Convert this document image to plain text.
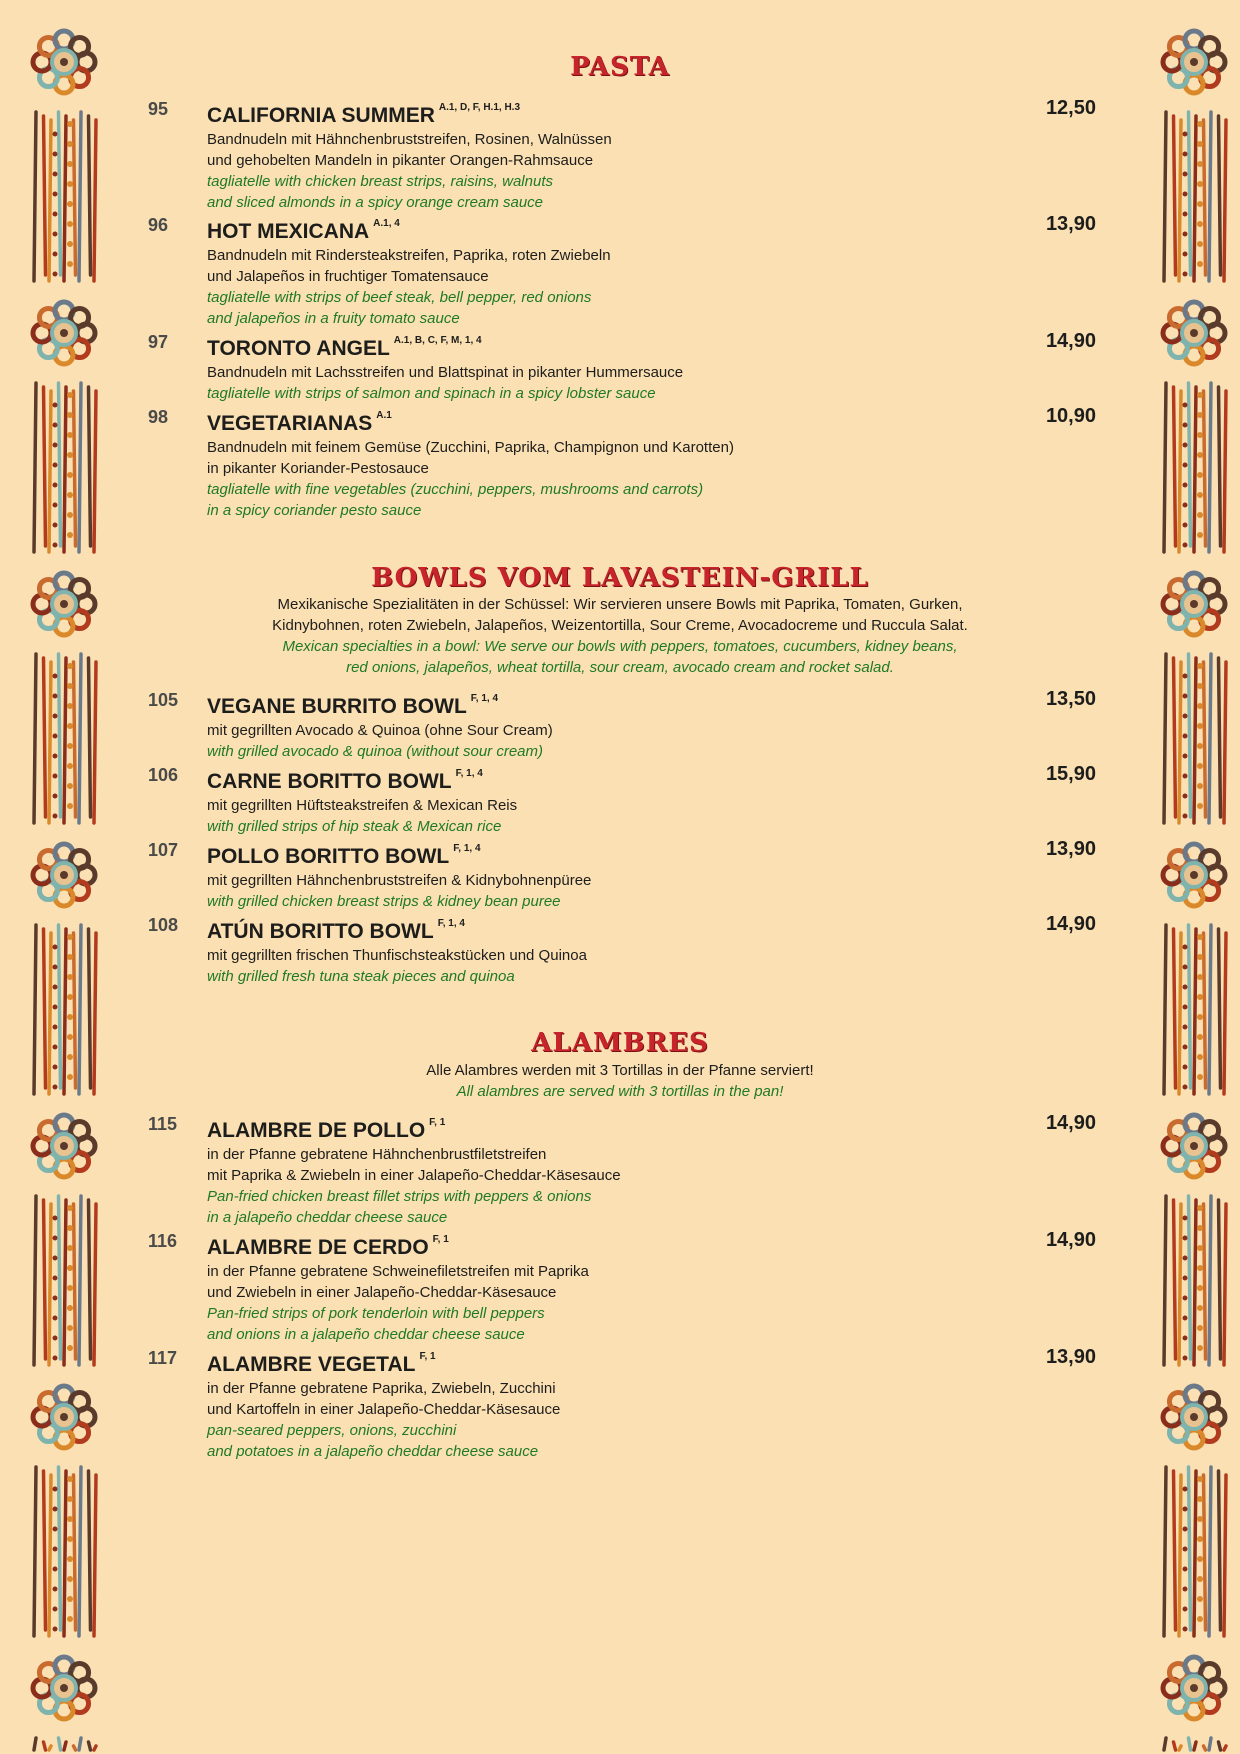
PASTA
95 CALIFORNIA SUMMER $^{A.1, D, F, H.1, H.3}$
Bandnudeln mit Hähnchenbruststreifen, Rosinen, Walnüssen
und gehobelten Mandeln in pikanter Orangen-Rahmsauce
tagliatelle with chicken breast strips, raisins, walnuts
and sliced almonds in a spicy orange cream sauce
12,50
96 HOT MEXICANA $^{A.1, 4}$
Bandnudeln mit Rindersteakstreifen, Paprika, roten Zwiebeln
und Jalapeños in fruchtiger Tomatensauce
tagliatelle with strips of beef steak, bell pepper, red onions
and jalapeños in a fruity tomato sauce
13,90
97 TORONTO ANGEL $^{A.1, B, C, F, M, 1, 4}$
Bandnudeln mit Lachsstreifen und Blattspinat in pikanter Hummersauce
tagliatelle with strips of salmon and spinach in a spicy lobster sauce
14,90
98 VEGETARIANAS $^{A.1}$
Bandnudeln mit feinem Gemüse (Zucchini, Paprika, Champignon und Karotten)
in pikanter Koriander-Pestosauce
tagliatelle with fine vegetables (zucchini, peppers, mushrooms and carrots)
in a spicy coriander pesto sauce
10,90
BOWLS VOM LAVASTEIN-GRILL
Mexikanische Spezialitäten in der Schüssel: Wir servieren unsere Bowls mit Paprika, Tomaten, Gurken,
Kidnybohnen, roten Zwiebeln, Jalapeños, Weizentortilla, Sour Creme, Avocadocreme und Ruccula Salat.
Mexican specialties in a bowl: We serve our bowls with peppers, tomatoes, cucumbers, kidney beans,
red onions, jalapeños, wheat tortilla, sour cream, avocado cream and rocket salad.
105 VEGANE BURRITO BOWL $^{F, 1, 4}$
mit gegrillten Avocado & Quinoa (ohne Sour Cream)
with grilled avocado & quinoa (without sour cream)
13,50
106 CARNE BORITTO BOWL $^{F, 1, 4}$
mit gegrillten Hüftsteakstreifen & Mexican Reis
with grilled strips of hip steak & Mexican rice
15,90
107 POLLO BORITTO BOWL $^{F, 1, 4}$
mit gegrillten Hähnchenbruststreifen & Kidnybohnenpüree
with grilled chicken breast strips & kidney bean puree
13,90
108 ATÚN BORITTO BOWL $^{F, 1, 4}$
mit gegrillten frischen Thunfischsteakstücken und Quinoa
with grilled fresh tuna steak pieces and quinoa
14,90
ALAMBRES
Alle Alambres werden mit 3 Tortillas in der Pfanne serviert!
All alambres are served with 3 tortillas in the pan!
115 ALAMBRE DE POLLO $^{F, 1}$
in der Pfanne gebratene Hähnchenbrustfiletstreifen
mit Paprika & Zwiebeln in einer Jalapeño-Cheddar-Käsesauce
Pan-fried chicken breast fillet strips with peppers & onions
in a jalapeño cheddar cheese sauce
14,90
116 ALAMBRE DE CERDO $^{F, 1}$
in der Pfanne gebratene Schweinefiletstreifen mit Paprika
und Zwiebeln in einer Jalapeño-Cheddar-Käsesauce
Pan-fried strips of pork tenderloin with bell peppers
and onions in a jalapeño cheddar cheese sauce
14,90
117 ALAMBRE VEGETAL $^{F, 1}$
in der Pfanne gebratene Paprika, Zwiebeln, Zucchini
und Kartoffeln in einer Jalapeño-Cheddar-Käsesauce
pan-seared peppers, onions, zucchini
and potatoes in a jalapeño cheddar cheese sauce
13,90
